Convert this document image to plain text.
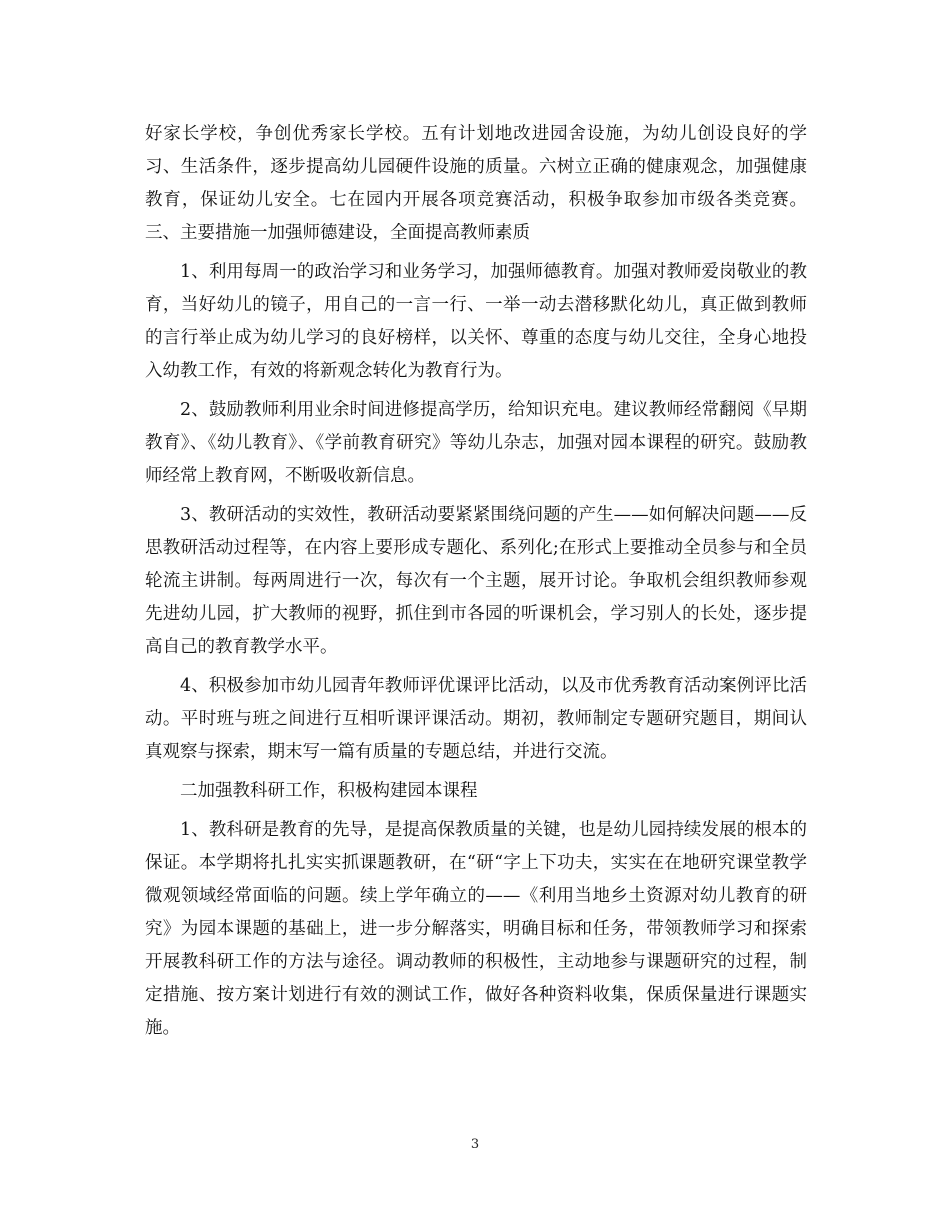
好家长学校，争创优秀家长学校。五有计划地改进园舍设施，为幼儿创设良好的学习、生活条件，逐步提高幼儿园硬件设施的质量。六树立正确的健康观念，加强健康教育，保证幼儿安全。七在园内开展各项竞赛活动，积极争取参加市级各类竞赛。三、主要措施一加强师德建设，全面提高教师素质

1、利用每周一的政治学习和业务学习，加强师德教育。加强对教师爱岗敬业的教育，当好幼儿的镜子，用自己的一言一行、一举一动去潜移默化幼儿，真正做到教师的言行举止成为幼儿学习的良好榜样，以关怀、尊重的态度与幼儿交往，全身心地投入幼教工作，有效的将新观念转化为教育行为。

2、鼓励教师利用业余时间进修提高学历，给知识充电。建议教师经常翻阅《早期教育》、《幼儿教育》、《学前教育研究》等幼儿杂志，加强对园本课程的研究。鼓励教师经常上教育网，不断吸收新信息。

3、教研活动的实效性，教研活动要紧紧围绕问题的产生——如何解决问题——反思教研活动过程等，在内容上要形成专题化、系列化;在形式上要推动全员参与和全员轮流主讲制。每两周进行一次，每次有一个主题，展开讨论。争取机会组织教师参观先进幼儿园，扩大教师的视野，抓住到市各园的听课机会，学习别人的长处，逐步提高自己的教育教学水平。

4、积极参加市幼儿园青年教师评优课评比活动，以及市优秀教育活动案例评比活动。平时班与班之间进行互相听课评课活动。期初，教师制定专题研究题目，期间认真观察与探索，期末写一篇有质量的专题总结，并进行交流。

二加强教科研工作，积极构建园本课程

1、教科研是教育的先导，是提高保教质量的关键，也是幼儿园持续发展的根本的保证。本学期将扎扎实实抓课题教研，在“研“字上下功夫，实实在在地研究课堂教学微观领域经常面临的问题。续上学年确立的——《利用当地乡土资源对幼儿教育的研究》为园本课题的基础上，进一步分解落实，明确目标和任务，带领教师学习和探索开展教科研工作的方法与途径。调动教师的积极性，主动地参与课题研究的过程，制定措施、按方案计划进行有效的测试工作，做好各种资料收集，保质保量进行课题实施。

3
